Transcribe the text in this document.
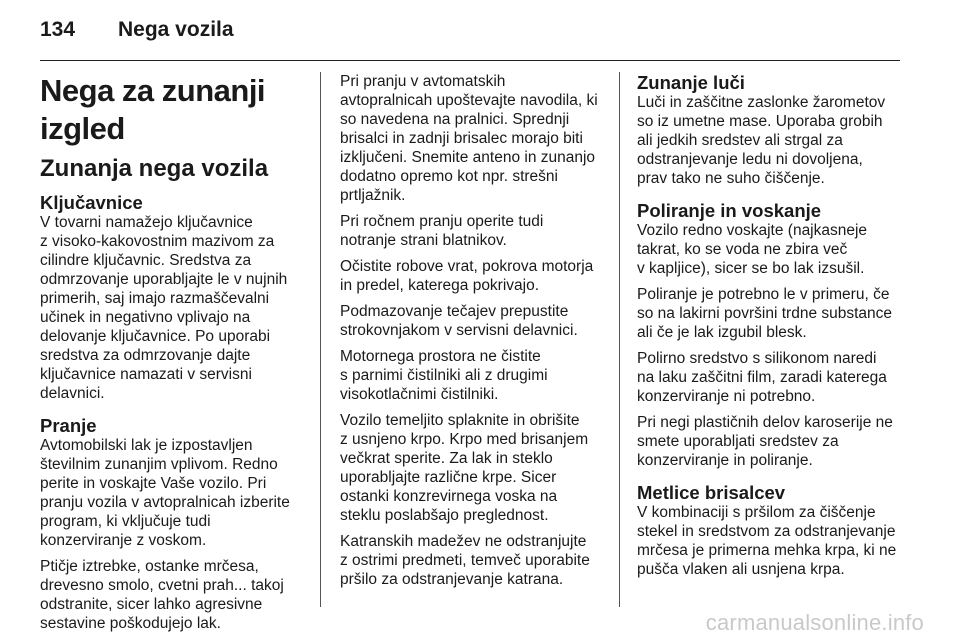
134	Nega vozila
Nega za zunanji izgled
Zunanja nega vozila
Ključavnice

V tovarni namažejo ključavnice
z visoko-kakovostnim mazivom za
cilindre ključavnic. Sredstva za
odmrzovanje uporabljajte le v nujnih
primerih, saj imajo razmaščevalni
učinek in negativno vplivajo na
delovanje ključavnice. Po uporabi
sredstva za odmrzovanje dajte
ključavnice namazati v servisni
delavnici.

Pranje

Avtomobilski lak je izpostavljen
številnim zunanjim vplivom. Redno
perite in voskajte Vaše vozilo. Pri
pranju vozila v avtopralnicah izberite
program, ki vključuje tudi
konzerviranje z voskom.

Ptičje iztrebke, ostanke mrčesa,
drevesno smolo, cvetni prah... takoj
odstranite, sicer lahko agresivne
sestavine poškodujejo lak.

Pri pranju v avtomatskih
avtopralnicah upoštevajte navodila, ki
so navedena na pralnici. Sprednji
brisalci in zadnji brisalec morajo biti
izključeni. Snemite anteno in zunanjo
dodatno opremo kot npr. strešni
prtljažnik.

Pri ročnem pranju operite tudi
notranje strani blatnikov.

Očistite robove vrat, pokrova motorja
in predel, katerega pokrivajo.

Podmazovanje tečajev prepustite
strokovnjakom v servisni delavnici.

Motornega prostora ne čistite
s parnimi čistilniki ali z drugimi
visokotlačnimi čistilniki.

Vozilo temeljito splaknite in obrišite
z usnjeno krpo. Krpo med brisanjem
večkrat sperite. Za lak in steklo
uporabljajte različne krpe. Sicer
ostanki konzrevirnega voska na
steklu poslabšajo preglednost.

Katranskih madežev ne odstranjujte
z ostrimi predmeti, temveč uporabite
pršilo za odstranjevanje katrana.

Zunanje luči

Luči in zaščitne zaslonke žarometov
so iz umetne mase. Uporaba grobih
ali jedkih sredstev ali strgal za
odstranjevanje ledu ni dovoljena,
prav tako ne suho čiščenje.

Poliranje in voskanje

Vozilo redno voskajte (najkasneje
takrat, ko se voda ne zbira več
v kapljice), sicer se bo lak izsušil.

Poliranje je potrebno le v primeru, če
so na lakirni površini trdne substance
ali če je lak izgubil blesk.

Polirno sredstvo s silikonom naredi
na laku zaščitni film, zaradi katerega
konzerviranje ni potrebno.

Pri negi plastičnih delov karoserije ne
smete uporabljati sredstev za
konzerviranje in poliranje.

Metlice brisalcev

V kombinaciji s pršilom za čiščenje
stekel in sredstvom za odstranjevanje
mrčesa je primerna mehka krpa, ki ne
pušča vlaken ali usnjena krpa.

carmanualsonline.info
